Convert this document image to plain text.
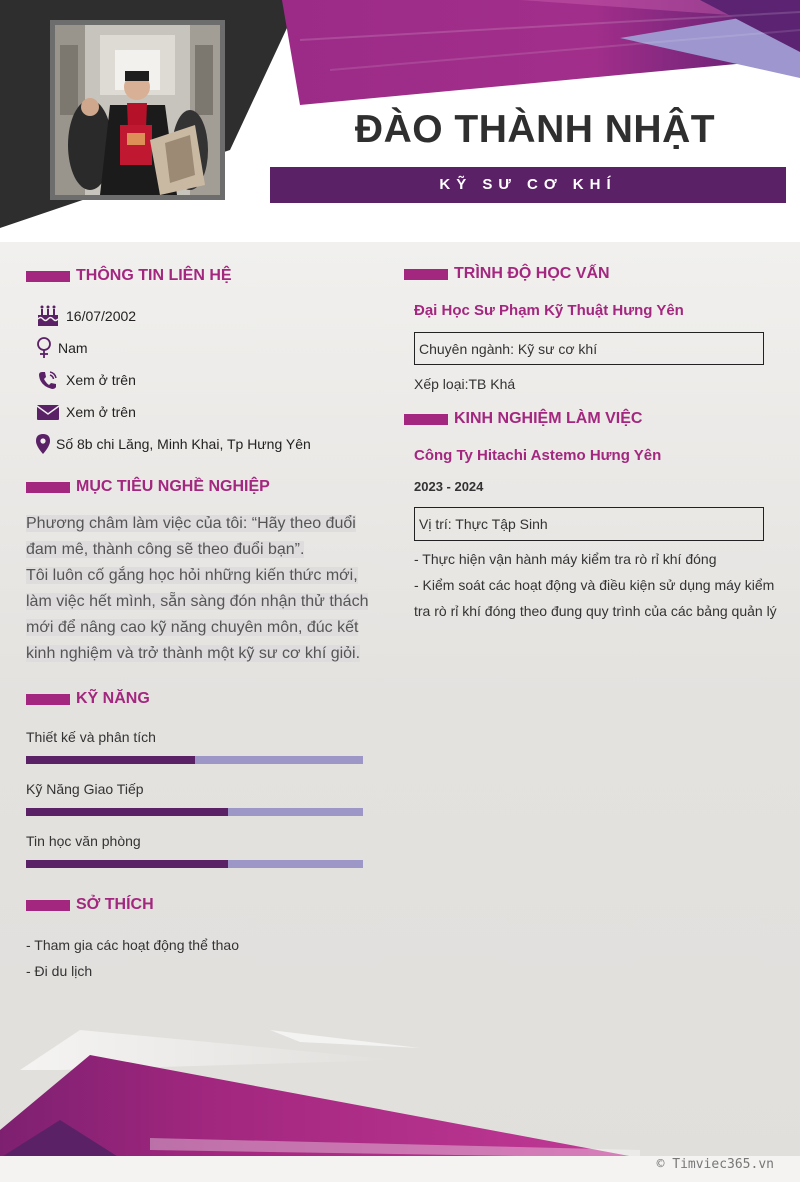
ĐÀO THÀNH NHẬT
KỸ SƯ CƠ KHÍ
THÔNG TIN LIÊN HỆ
16/07/2002
Nam
Xem ở trên
Xem ở trên
Số 8b chi Lăng, Minh Khai, Tp Hưng Yên
MỤC TIÊU NGHỀ NGHIỆP
Phương châm làm việc của tôi: “Hãy theo đuổi đam mê, thành công sẽ theo đuổi bạn”.
Tôi luôn cố gắng học hỏi những kiến thức mới, làm việc hết mình, sẵn sàng đón nhận thử thách mới để nâng cao kỹ năng chuyên môn, đúc kết kinh nghiệm và trở thành một kỹ sư cơ khí giỏi.
KỸ NĂNG
Thiết kế và phân tích
Kỹ Năng Giao Tiếp
Tin học văn phòng
SỞ THÍCH
- Tham gia các hoạt động thể thao
- Đi du lịch
TRÌNH ĐỘ HỌC VẤN
Đại Học Sư Phạm Kỹ Thuật Hưng Yên
Chuyên ngành: Kỹ sư cơ khí
Xếp loại:TB Khá
KINH NGHIỆM LÀM VIỆC
Công Ty Hitachi Astemo Hưng Yên
2023 - 2024
Vị trí: Thực Tập Sinh
- Thực hiện vận hành máy kiểm tra rò rỉ khí đóng
- Kiểm soát các hoạt động và điều kiện sử dụng máy kiểm tra rò rỉ khí đóng theo đung quy trình của các bảng quản lý
© Timviec365.vn
